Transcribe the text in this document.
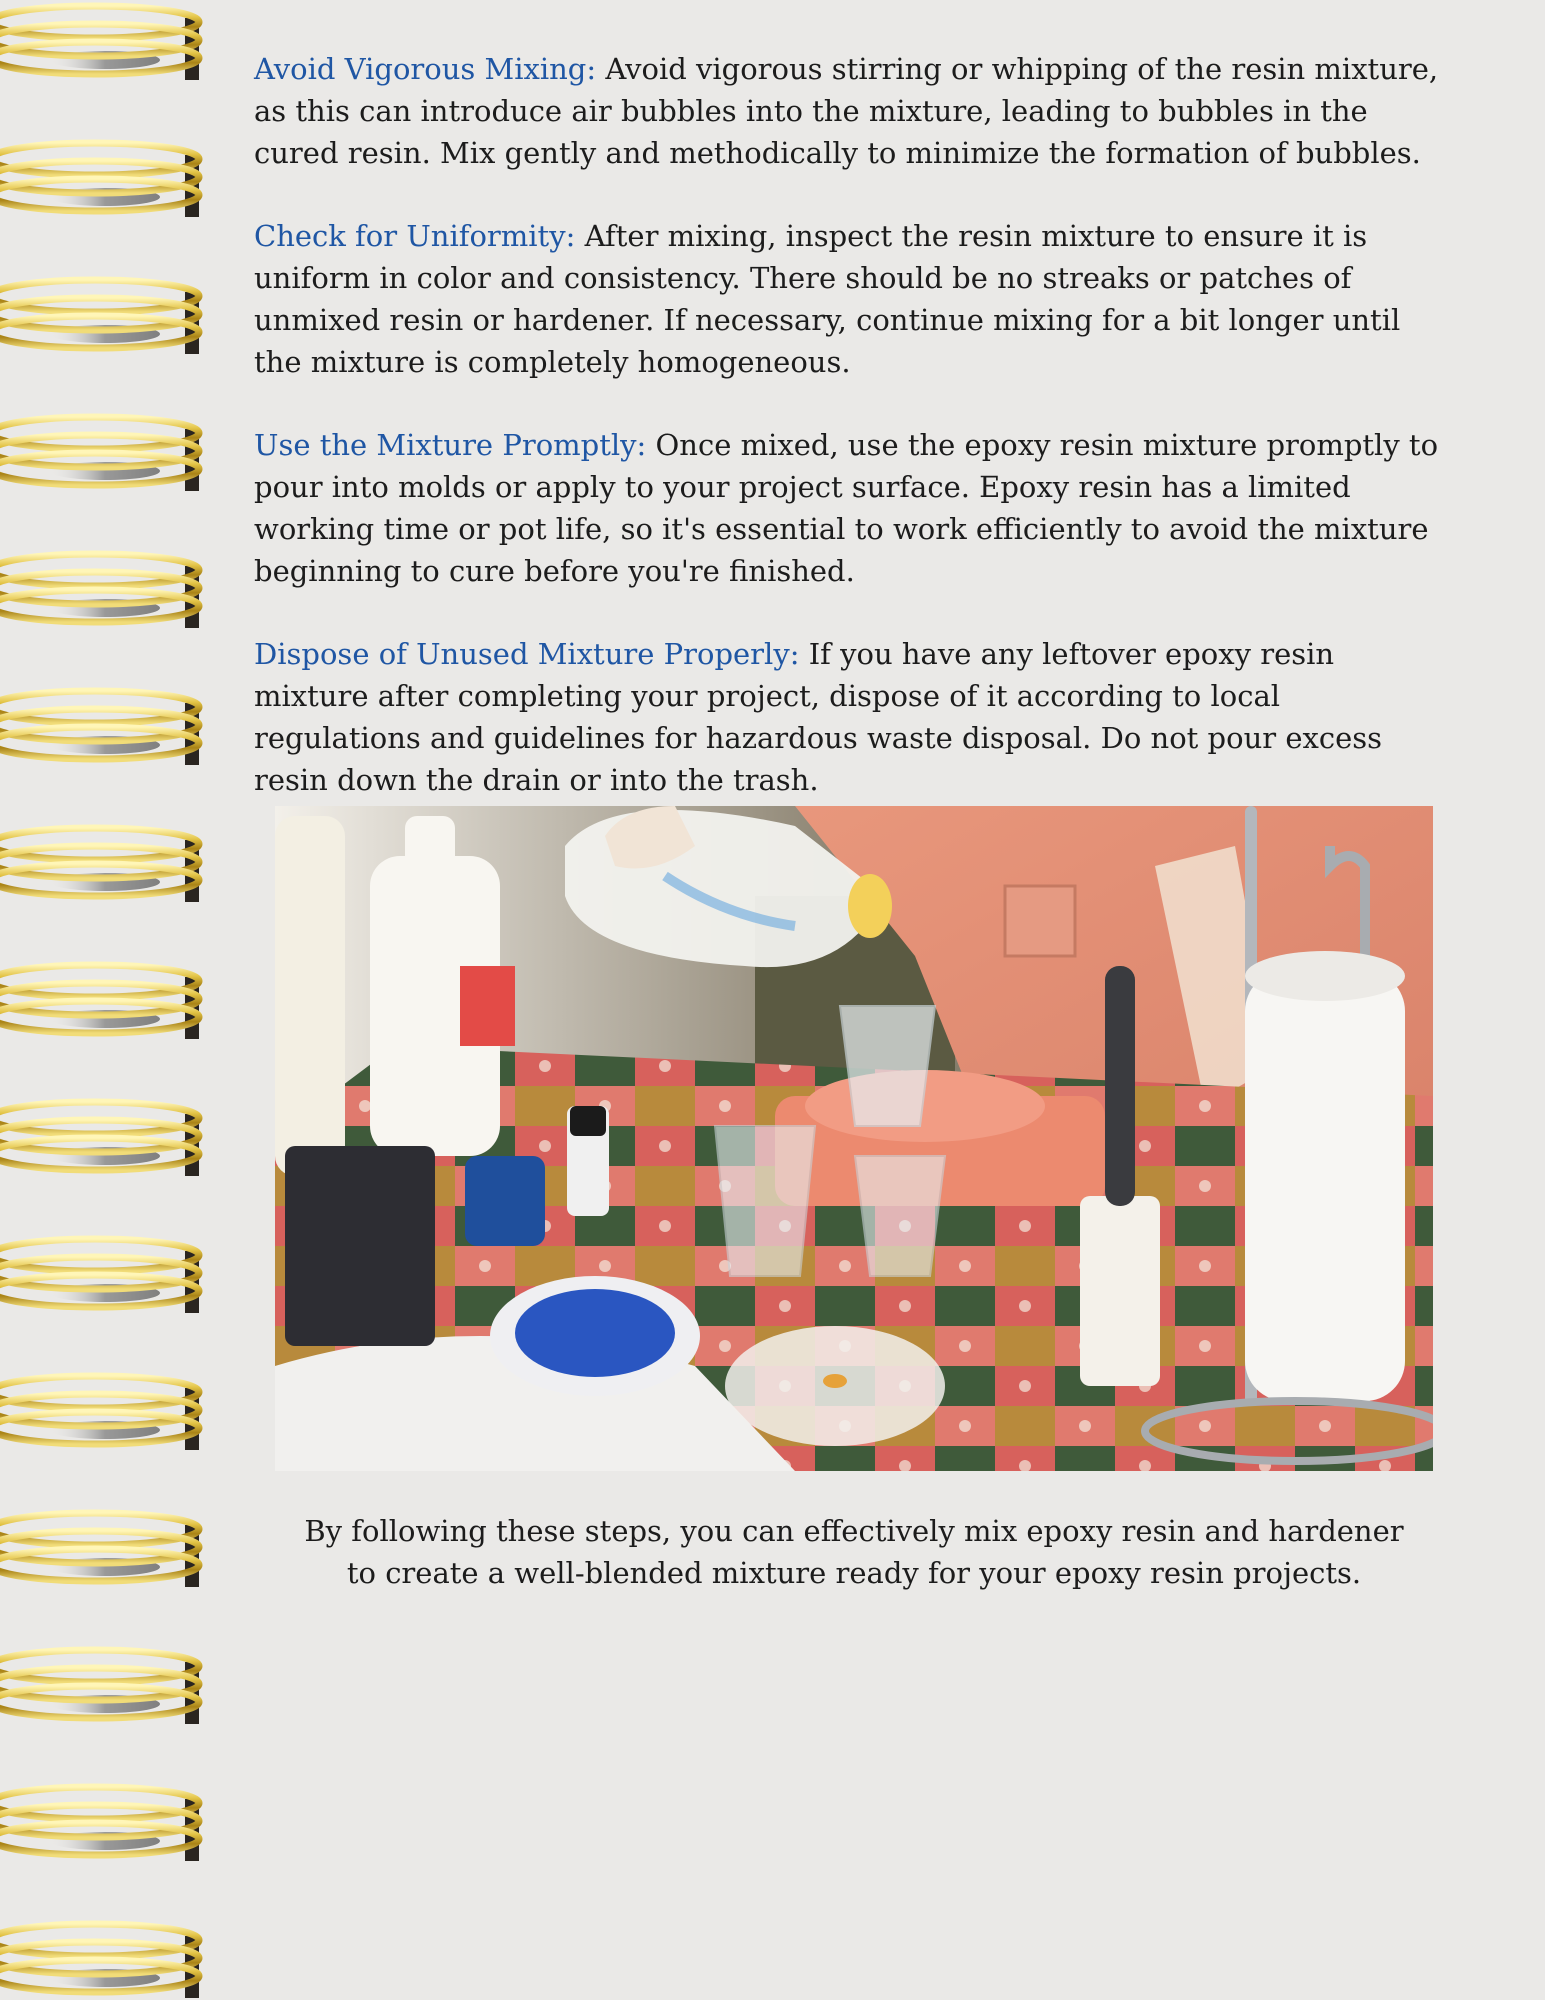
Avoid Vigorous Mixing: Avoid vigorous stirring or whipping of the resin mixture, as this can introduce air bubbles into the mixture, leading to bubbles in the cured resin. Mix gently and methodically to minimize the formation of bubbles.

Check for Uniformity: After mixing, inspect the resin mixture to ensure it is uniform in color and consistency. There should be no streaks or patches of unmixed resin or hardener. If necessary, continue mixing for a bit longer until the mixture is completely homogeneous.

Use the Mixture Promptly: Once mixed, use the epoxy resin mixture promptly to pour into molds or apply to your project surface. Epoxy resin has a limited working time or pot life, so it's essential to work efficiently to avoid the mixture beginning to cure before you're finished.

Dispose of Unused Mixture Properly: If you have any leftover epoxy resin mixture after completing your project, dispose of it according to local regulations and guidelines for hazardous waste disposal. Do not pour excess resin down the drain or into the trash.

By following these steps, you can effectively mix epoxy resin and hardener

to create a well-blended mixture ready for your epoxy resin projects.
